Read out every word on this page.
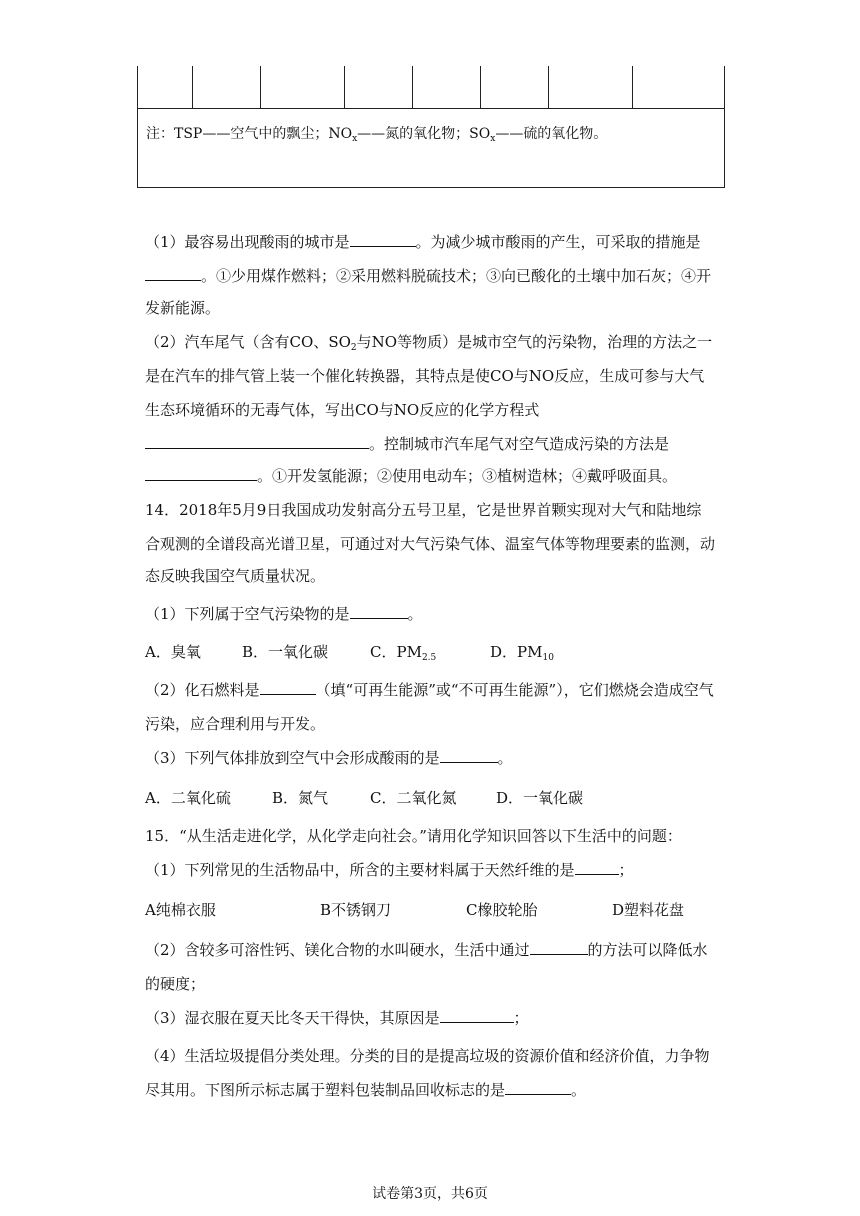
注：TSP——空气中的飘尘；$NO_x——$氮的氧化物；$SO_x——$硫的氧化物。
（1）最容易出现酸雨的城市是	。为减少城市酸雨的产生，可采取的措施是
。①少用煤作燃料；②采用燃料脱硫技术；③向已酸化的土壤中加石灰；④开
发新能源。
（2）汽车尾气（含有CO、$SO_2$与NO等物质）是城市空气的污染物，治理的方法之一
是在汽车的排气管上装一个催化转换器，其特点是使CO与NO反应，生成可参与大气
生态环境循环的无毒气体，写出CO与NO反应的化学方程式
。控制城市汽车尾气对空气造成污染的方法是
。①开发氢能源；②使用电动车；③植树造林；④戴呼吸面具。
14．2018年5月9日我国成功发射高分五号卫星，它是世界首颗实现对大气和陆地综
合观测的全谱段高光谱卫星，可通过对大气污染气体、温室气体等物理要素的监测，动
态反映我国空气质量状况。
（1）下列属于空气污染物的是	。
A．臭氧	B．一氧化碳	C．$PM_{2.5}$	D．$PM_{10}$
（2）化石燃料是	（填“可再生能源”或“不可再生能源”），它们燃烧会造成空气
污染，应合理利用与开发。
（3）下列气体排放到空气中会形成酸雨的是	。
A．二氧化硫	B．氮气	C．二氧化氮	D．一氧化碳
15．“从生活走进化学，从化学走向社会。”请用化学知识回答以下生活中的问题：
（1）下列常见的生活物品中，所含的主要材料属于天然纤维的是	；
A纯棉衣服	B不锈钢刀	C橡胶轮胎	D塑料花盘
（2）含较多可溶性钙、镁化合物的水叫硬水，生活中通过	的方法可以降低水
的硬度；
（3）湿衣服在夏天比冬天干得快，其原因是	；
（4）生活垃圾提倡分类处理。分类的目的是提高垃圾的资源价值和经济价值，力争物
尽其用。下图所示标志属于塑料包装制品回收标志的是	。
试卷第3页，共6页
